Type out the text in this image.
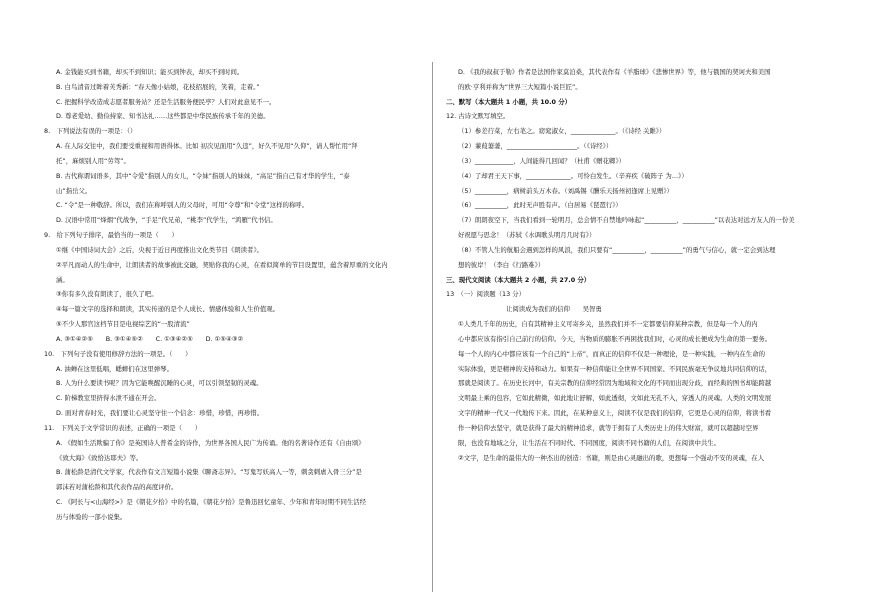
A. 金钱能买到书籍，却买不到知识；能买到钟表，却买不到时间。
B. 白鸟清音过眸着芙秀新：“春天像小姑娘，花枝招展的，笑着，走着。”
C. 把握科学改造成志愿者服务站？还是生活服务便民亭？人们对此意见不一。
D. 尊老爱幼、勤俭持家、知书达礼……这些都是中华民族传承千年的美德。
8.　下列说法有误的一项是：（）
A. 在人际交往中，我们要受重视和用语得体。比如 初次见面用“久违”，好久不见用“久仰”，请人帮忙用“拜
托”，麻烦别人用“劳驾”。
B. 古代称谓词语多，其中“令爱”指别人的女儿，“令妹”指别人的妹妹，“高足”指自己有才华的学生，“泰
山”指岳父。
C. “令”是一种敬辞。所以，我们在称呼别人的父母时，可用“令尊”和“令堂”这样的称呼。
D. 汉语中常用“烽烟”代战争，“手足”代兄弟，“桃李”代学生，“鸿雁”代书信。
9.　给下列句子排序，最恰当的一项是（　　）
①继《中国诗词大会》之后，央视于近日再度推出文化类节目《朗读者》。
②平凡而动人的生命中，让朗读者的故事被此交融，契贴你我的心灵，在看似简单的节目设置里，蕴含着厚重的文化内
涵。
③你有多久没有朗读了，很久了吧。
④每一篇文字的选择和朗读，其实传递的是个人成长、情感体验和人生价值观。
⑤不少人那官这档节目是电视综艺的“一股清流”
A. ③①④②⑤　　B. ③①④⑤②　　C. ①③④②⑤　　D. ①⑤④③②
10.　下列句子没有使用修辞方法的一项是。（　　）
A. 油蝉在这里低唱，蟋蟀们在这里弹琴。
B. 人为什么要读书呢？因为它能唤醒沉睡的心灵，可以引领坚韧的灵魂。
C. 阶梯教室里挤得水泄不通在开会。
D. 面对青春时光，我们要让心灵坚守住一个信念：珍惜，珍惜，再珍惜。
11.　下列关于文学常识的表述，正确的一项是（　　）
A. 《假如生活欺骗了你》是英国诗人普希金的诗作，为世界各国人民广为传诵。他的名著诗作还有《自由颂》
《致大海》《致恰达耶夫》等。
B. 蒲松龄是清代文学家，代表作有文言短篇小说集《聊斋志异》。“写鬼写妖高人一等，刺贪刺虐入骨三分”是
郭沫若对蒲松龄和其代表作品的高度评价。
C. 《阿长与<山海经>》是《朝花夕拾》中的名篇，《朝花夕拾》是鲁迅回忆童年、少年和青年时期不同生活经
历与体验的一部小说集。
D. 《我的叔叔于勒》作者是法国作家莫泊桑，其代表作有《羊脂球》《悲惨世界》等，他与俄国的契诃夫和美国
的欧·亨利并称为“世界三大短篇小说巨匠”。
二、默写（本大题共 1 小题，共 10.0 分）
12. 古诗文默写填空。
（1）参差荇菜，左右芼之。窈窕淑女，______________。（《诗经 关雎》）
（2）蒹葭萋萋，______________________。（《诗经》）
（3）____________，人间能得几回闻？（杜甫《赠花卿》）
（4）了却君王天下事，______________。可怜白发生。（辛弃疾《破阵子 为…》）
（5）__________，病树前头万木春。（刘禹锡《酬乐天扬州初逢席上见赠》）
（6）__________，此时无声胜有声。（白居易《琵琶行》）
（7）朗朗夜空下，当我们看到一轮明月，总会情不自禁地吟咏起“__________，__________”以表达对远方友人的一份美
好祝愿与思念！（苏轼《水调歌头明月几时有》）
（8）不管人生的航船会遇到怎样的风浪，我们只要有“__________，__________”的勇气与信心，就一定会到达理
想的彼岸！（李白《行路难》）
三、现代文阅读（本大题共 2 小题，共 27.0 分）
13　（一）阅读题（13 分）
让阅读成为我们的信仰　　吴智勇
①人类几千年的历史，自有其精神主义可寄乡关，虽然我们并不一定都要信仰某种宗教，但是每一个人的内
心中都应该有指引自己前行的信仰。今天，当物质的膨胀不再困扰我们时，心灵的成长便成为生命的第一要务。
每一个人的内心中都应该有一个自己的“上帝”，而真正的信仰不仅是一种理论，是一种实践，一种内在生命的
实际体验，更是精神的支持和动力。如果有一种信仰能让全世界不同国家、不同民族毫无争议地共同信仰的话，
那就是阅读了。在历史长河中，有关宗教的信仰经常因为地域和文化的不同而出现分歧，而经典的图书却能跨越
文明最上乘的包容，它如此精微，如此地让舒解，如此透彻，文如此无孔不入，穿透人的灵魂。人类的文明发展
文字的精神一代又一代地传下来。因此，在某种意义上，阅读不仅是我们的信仰，它更是心灵的信仰，将读书看
作一种信仰去坚守，就是获得了最大的精神追求，就等于拥有了人类历史上的伟大财富，就可以超越时空界
限，也没有地域之分，让生活在不同时代、不同国度，阅读不同书籍的人们，在阅读中共生。
②文字，是生命的最伟大的一种杰出的创造：书籍，则是由心灵融出的歌，更想每一个强动不安的灵魂，在人
